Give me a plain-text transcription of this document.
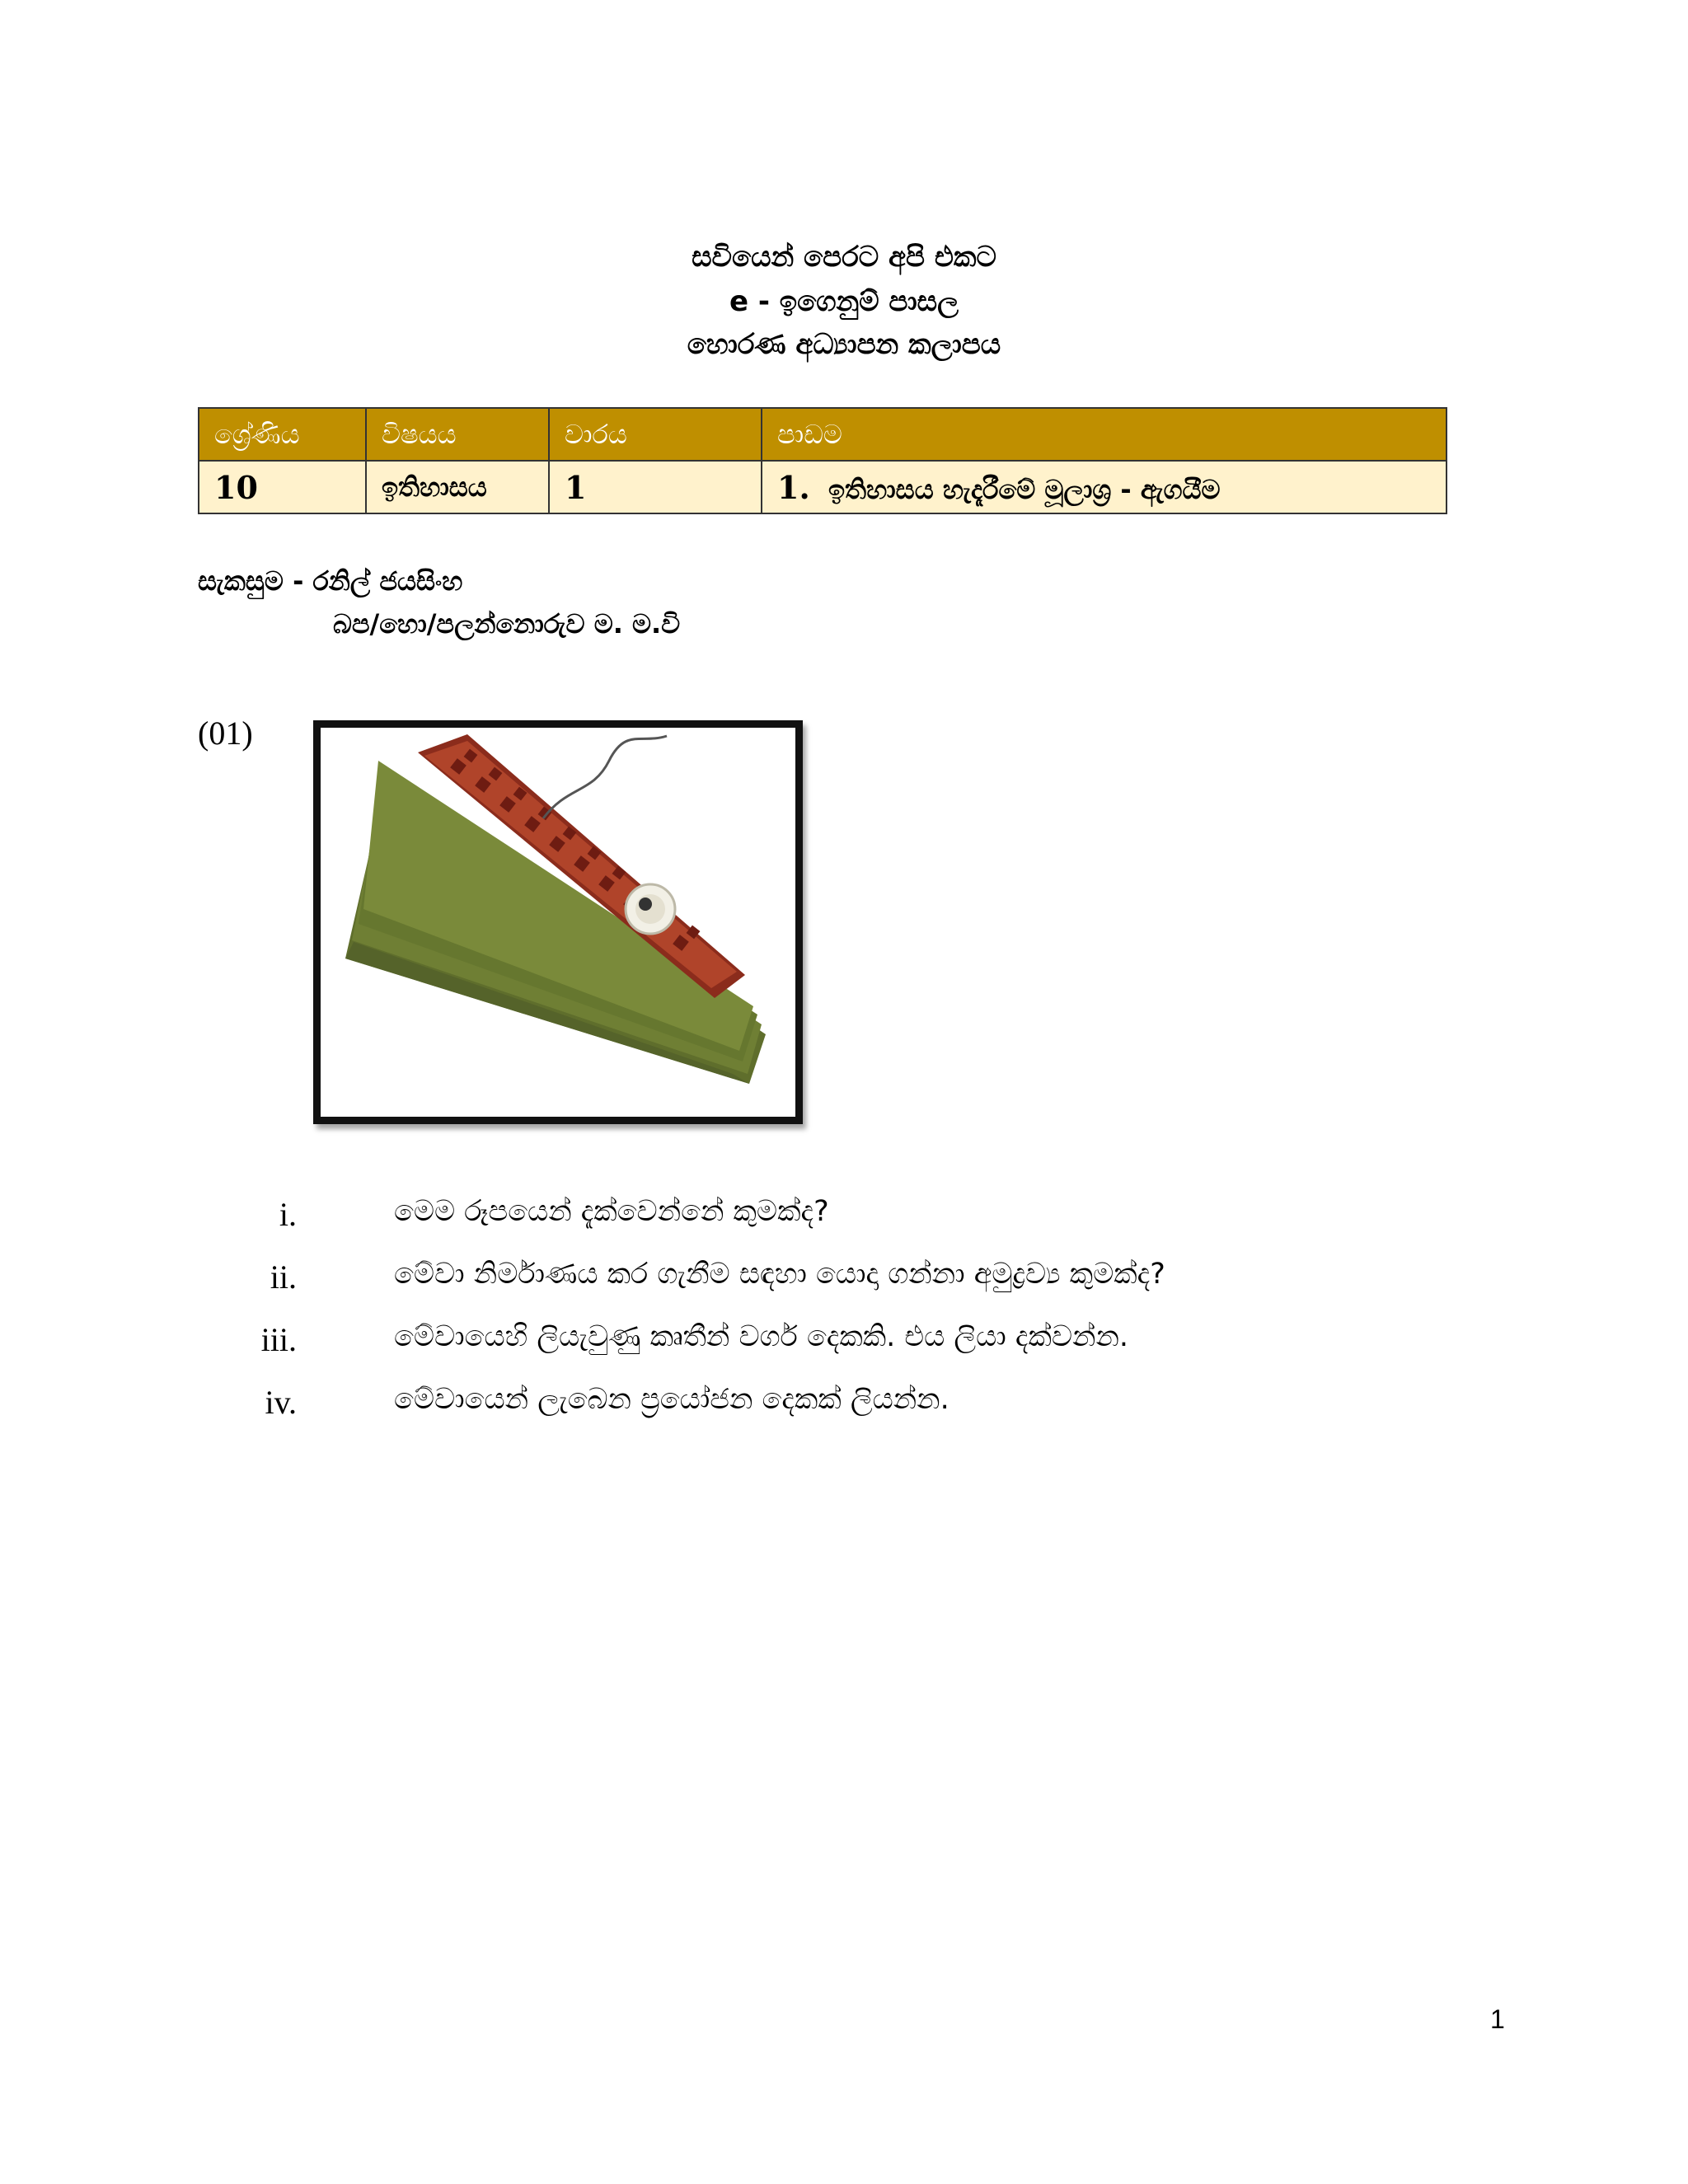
සවියෙන් පෙරට අපි එකට
e - ඉගෙනුම් පාසල
හොරණ අධ්‍යාපන කලාපය
ශ්‍රේණිය	විෂයය	වාරය	පාඩම
10	ඉතිහාසය	1	1. ඉතිහාසය හැදෑරීමේ මූලාශ්‍ර - ඇගයීම
සැකසුම - රනිල් ජයසිංහ
බප/හො/පලන්නොරුව ම. ම.වි
(01)
i.	මෙම රූපයෙන් දැක්වෙන්නේ කුමක්ද?
ii.	මේවා නිර්මාණය කර ගැනීම සඳහා යොදා ගන්නා අමුද්‍රව්‍ය කුමක්ද?
iii.	මේවායෙහි ලියැවුණු කෘතීන් වර්ග දෙකකි. එය ලියා දක්වන්න.
iv.	මේවායෙන් ලැබෙන ප්‍රයෝජන දෙකක් ලියන්න.
1
